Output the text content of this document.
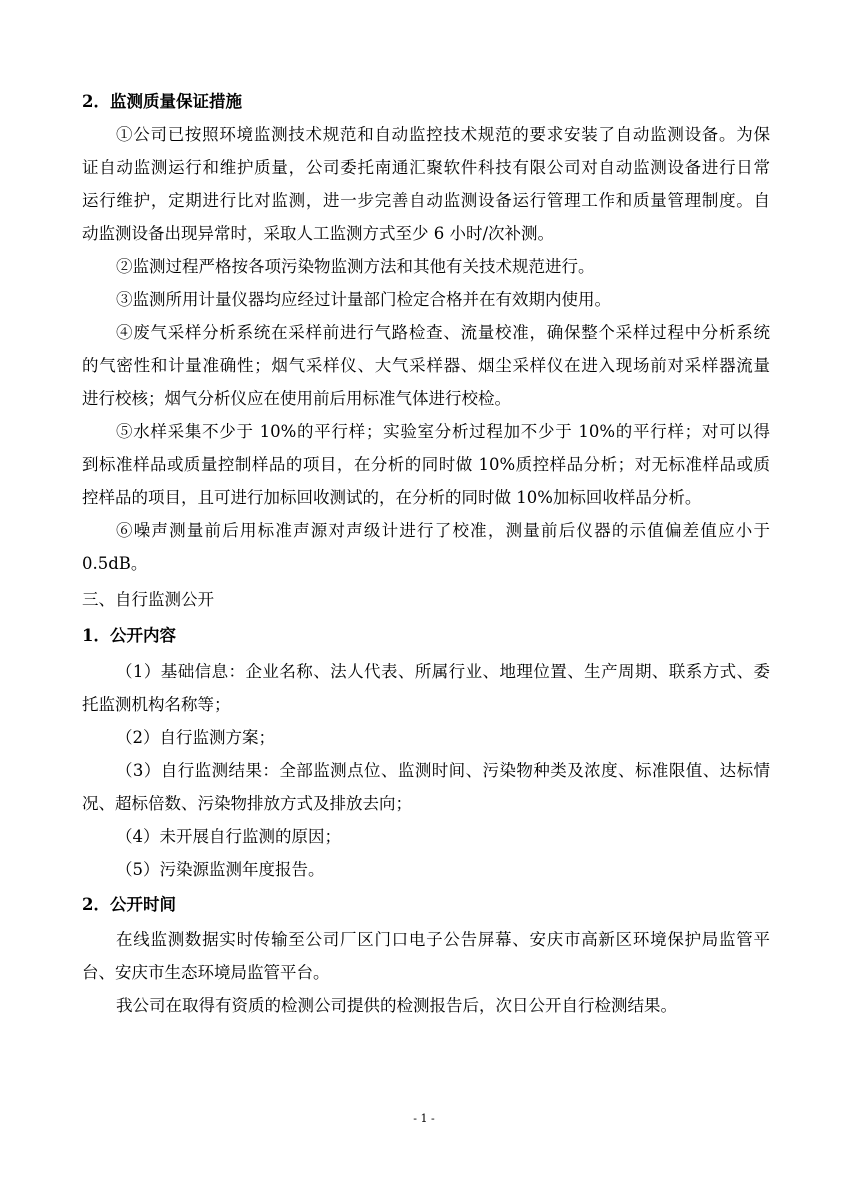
2．监测质量保证措施
①公司已按照环境监测技术规范和自动监控技术规范的要求安装了自动监测设备。为保
证自动监测运行和维护质量，公司委托南通汇聚软件科技有限公司对自动监测设备进行日常
运行维护，定期进行比对监测，进一步完善自动监测设备运行管理工作和质量管理制度。自
动监测设备出现异常时，采取人工监测方式至少 6 小时/次补测。
②监测过程严格按各项污染物监测方法和其他有关技术规范进行。
③监测所用计量仪器均应经过计量部门检定合格并在有效期内使用。
④废气采样分析系统在采样前进行气路检查、流量校准，确保整个采样过程中分析系统
的气密性和计量准确性；烟气采样仪、大气采样器、烟尘采样仪在进入现场前对采样器流量
进行校核；烟气分析仪应在使用前后用标准气体进行校检。
⑤水样采集不少于 10%的平行样；实验室分析过程加不少于 10%的平行样；对可以得
到标准样品或质量控制样品的项目，在分析的同时做 10%质控样品分析；对无标准样品或质
控样品的项目，且可进行加标回收测试的，在分析的同时做 10%加标回收样品分析。
⑥噪声测量前后用标准声源对声级计进行了校准，测量前后仪器的示值偏差值应小于
0.5dB。
三、自行监测公开
1．公开内容
（1）基础信息：企业名称、法人代表、所属行业、地理位置、生产周期、联系方式、委
托监测机构名称等；
（2）自行监测方案；
（3）自行监测结果：全部监测点位、监测时间、污染物种类及浓度、标准限值、达标情
况、超标倍数、污染物排放方式及排放去向；
（4）未开展自行监测的原因；
（5）污染源监测年度报告。
2．公开时间
在线监测数据实时传输至公司厂区门口电子公告屏幕、安庆市高新区环境保护局监管平
台、安庆市生态环境局监管平台。
我公司在取得有资质的检测公司提供的检测报告后，次日公开自行检测结果。
- 1 -
